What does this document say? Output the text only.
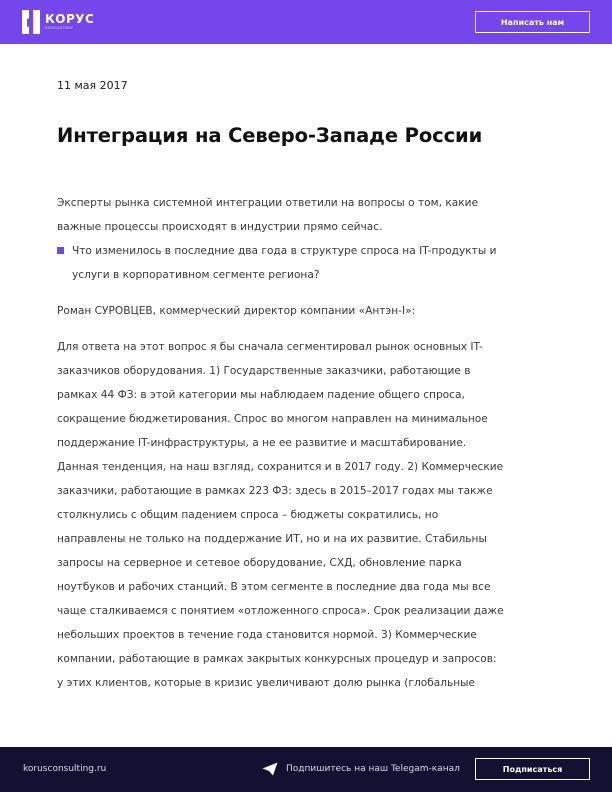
КОРУС
КОНСАЛТИНГ
Написать нам
11 мая 2017
Интеграция на Северо-Западе России
Эксперты рынка системной интеграции ответили на вопросы о том, какие
важные процессы происходят в индустрии прямо сейчас.
Что изменилось в последние два года в структуре спроса на IT-продукты и
услуги в корпоративном сегменте региона?
Роман СУРОВЦЕВ, коммерческий директор компании «Антэн-I»:
Для ответа на этот вопрос я бы сначала сегментировал рынок основных IT-
заказчиков оборудования. 1) Государственные заказчики, работающие в
рамках 44 ФЗ: в этой категории мы наблюдаем падение общего спроса,
сокращение бюджетирования. Спрос во многом направлен на минимальное
поддержание IT-инфраструктуры, а не ее развитие и масштабирование.
Данная тенденция, на наш взгляд, сохранится и в 2017 году. 2) Коммерческие
заказчики, работающие в рамках 223 ФЗ: здесь в 2015–2017 годах мы также
столкнулись с общим падением спроса – бюджеты сократились, но
направлены не только на поддержание ИТ, но и на их развитие. Стабильны
запросы на серверное и сетевое оборудование, СХД, обновление парка
ноутбуков и рабочих станций. В этом сегменте в последние два года мы все
чаще сталкиваемся с понятием «отложенного спроса». Срок реализации даже
небольших проектов в течение года становится нормой. 3) Коммерческие
компании, работающие в рамках закрытых конкурсных процедур и запросов:
у этих клиентов, которые в кризис увеличивают долю рынка (глобальные
korusconsulting.ru	Подпишитесь на наш Telegam-канал	Подписаться
